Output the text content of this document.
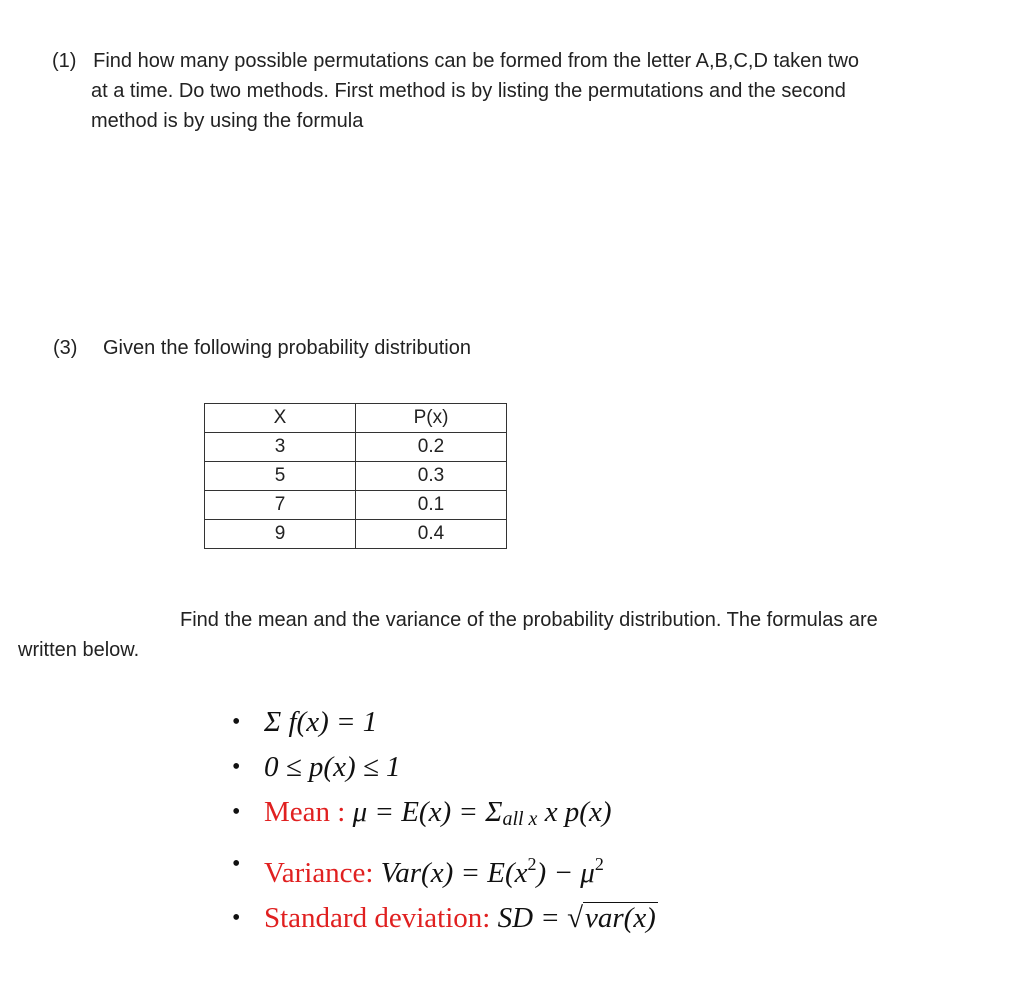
(1) Find how many possible permutations can be formed from the letter A,B,C,D taken two
at a time. Do two methods. First method is by listing the permutations and the second
method is by using the formula
(3) Given the following probability distribution
X	P(x)
3	0.2
5	0.3
7	0.1
9	0.4
Find the mean and the variance of the probability distribution. The formulas are
written below.
• Σ f(x) = 1
• 0 ≤ p(x) ≤ 1
• Mean : $\mu = E(x) = \Sigma_{all x}$ x p(x)
• Variance: $Var(x) = E(x^2) - \mu^2$
• Standard deviation: SD = √var(x)
